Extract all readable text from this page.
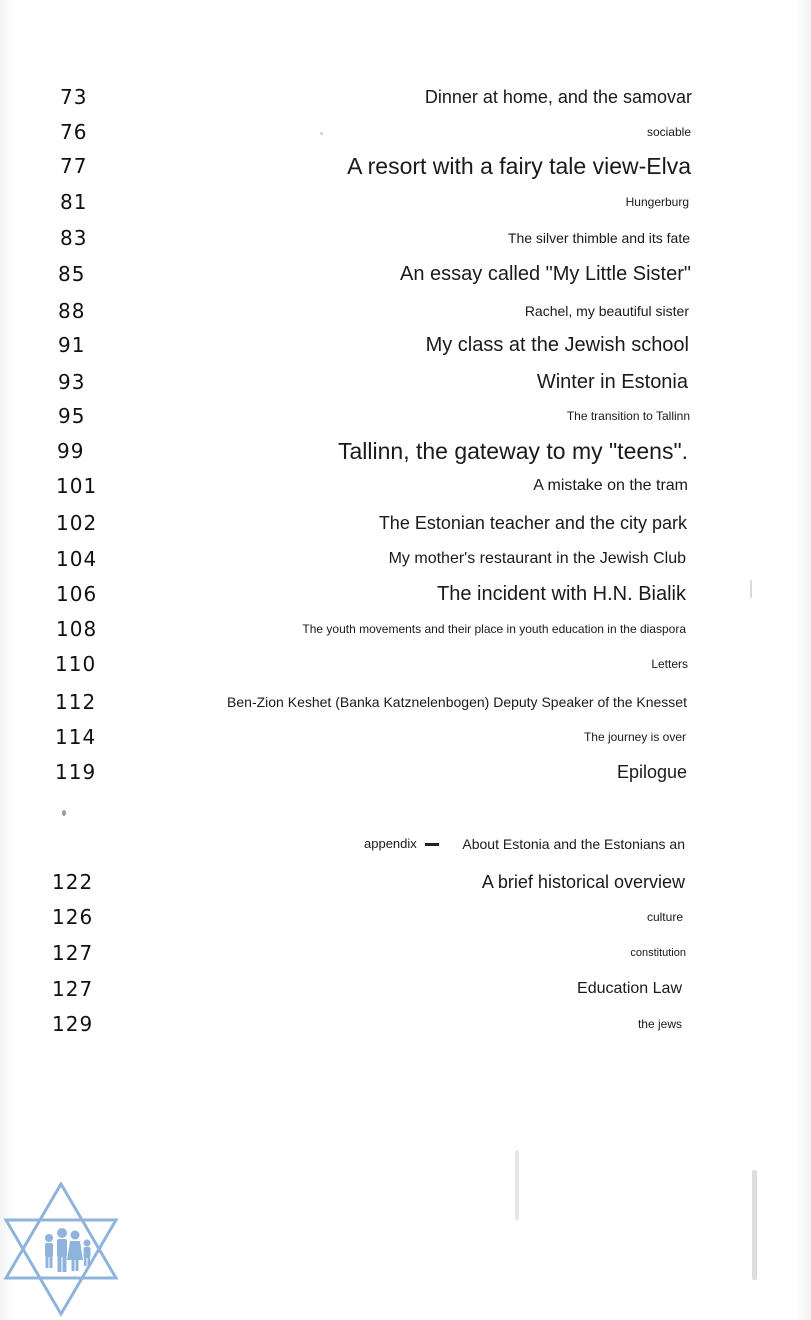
73	Dinner at home, and the samovar
76	sociable
77	A resort with a fairy tale view-Elva
81	Hungerburg
83	The silver thimble and its fate
85	An essay called "My Little Sister"
88	Rachel, my beautiful sister
91	My class at the Jewish school
93	Winter in Estonia
95	The transition to Tallinn
99	Tallinn, the gateway to my "teens".
101	A mistake on the tram
102	The Estonian teacher and the city park
104	My mother's restaurant in the Jewish Club
106	The incident with H.N. Bialik
108	The youth movements and their place in youth education in the diaspora
110	Letters
112	Ben-Zion Keshet (Banka Katznelenbogen) Deputy Speaker of the Knesset
114	The journey is over
119	Epilogue
appendix	About Estonia and the Estonians an
122	A brief historical overview
126	culture
127	constitution
127	Education Law
129	the jews
